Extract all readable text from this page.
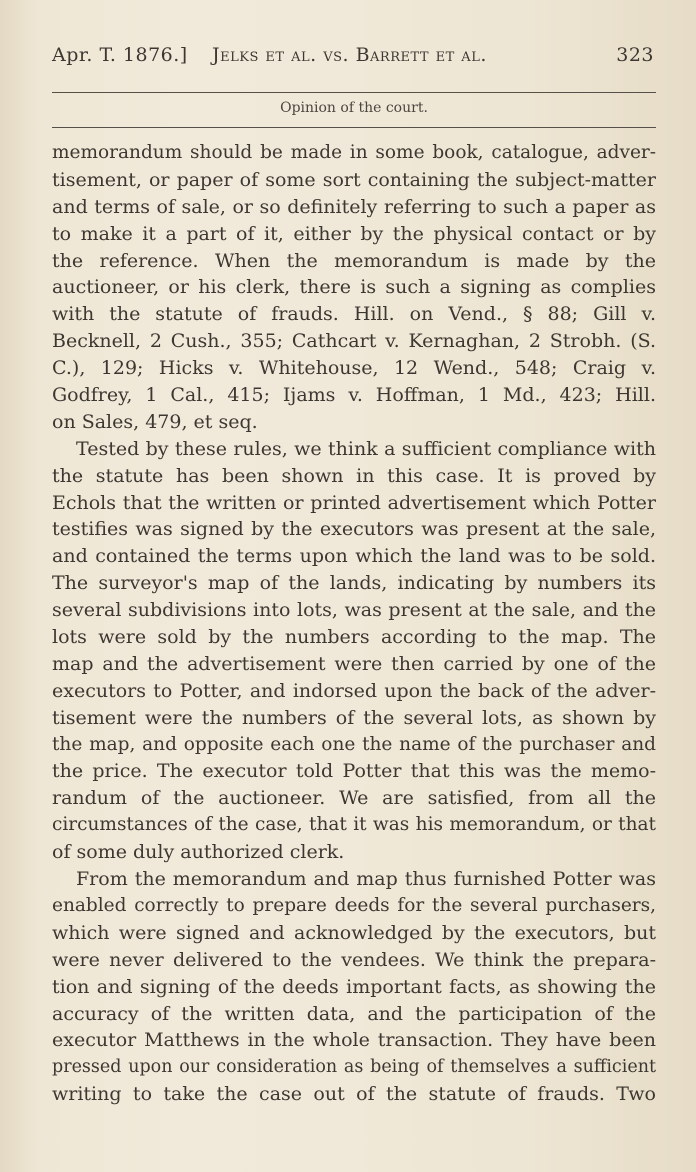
Apr. T. 1876.] Jelks et al. vs. Barrett et al.	323
Opinion of the court.
memorandum should be made in some book, catalogue, adver-
tisement, or paper of some sort containing the subject-matter
and terms of sale, or so definitely referring to such a paper as
to make it a part of it, either by the physical contact or by
the reference. When the memorandum is made by the
auctioneer, or his clerk, there is such a signing as complies
with the statute of frauds. Hill. on Vend., § 88; Gill v.
Becknell, 2 Cush., 355; Cathcart v. Kernaghan, 2 Strobh. (S.
C.), 129; Hicks v. Whitehouse, 12 Wend., 548; Craig v.
Godfrey, 1 Cal., 415; Ijams v. Hoffman, 1 Md., 423; Hill.
on Sales, 479, et seq.
Tested by these rules, we think a sufficient compliance with
the statute has been shown in this case. It is proved by
Echols that the written or printed advertisement which Potter
testifies was signed by the executors was present at the sale,
and contained the terms upon which the land was to be sold.
The surveyor's map of the lands, indicating by numbers its
several subdivisions into lots, was present at the sale, and the
lots were sold by the numbers according to the map. The
map and the advertisement were then carried by one of the
executors to Potter, and indorsed upon the back of the adver-
tisement were the numbers of the several lots, as shown by
the map, and opposite each one the name of the purchaser and
the price. The executor told Potter that this was the memo-
randum of the auctioneer. We are satisfied, from all the
circumstances of the case, that it was his memorandum, or that
of some duly authorized clerk.
From the memorandum and map thus furnished Potter was
enabled correctly to prepare deeds for the several purchasers,
which were signed and acknowledged by the executors, but
were never delivered to the vendees. We think the prepara-
tion and signing of the deeds important facts, as showing the
accuracy of the written data, and the participation of the
executor Matthews in the whole transaction. They have been
pressed upon our consideration as being of themselves a sufficient
writing to take the case out of the statute of frauds. Two
